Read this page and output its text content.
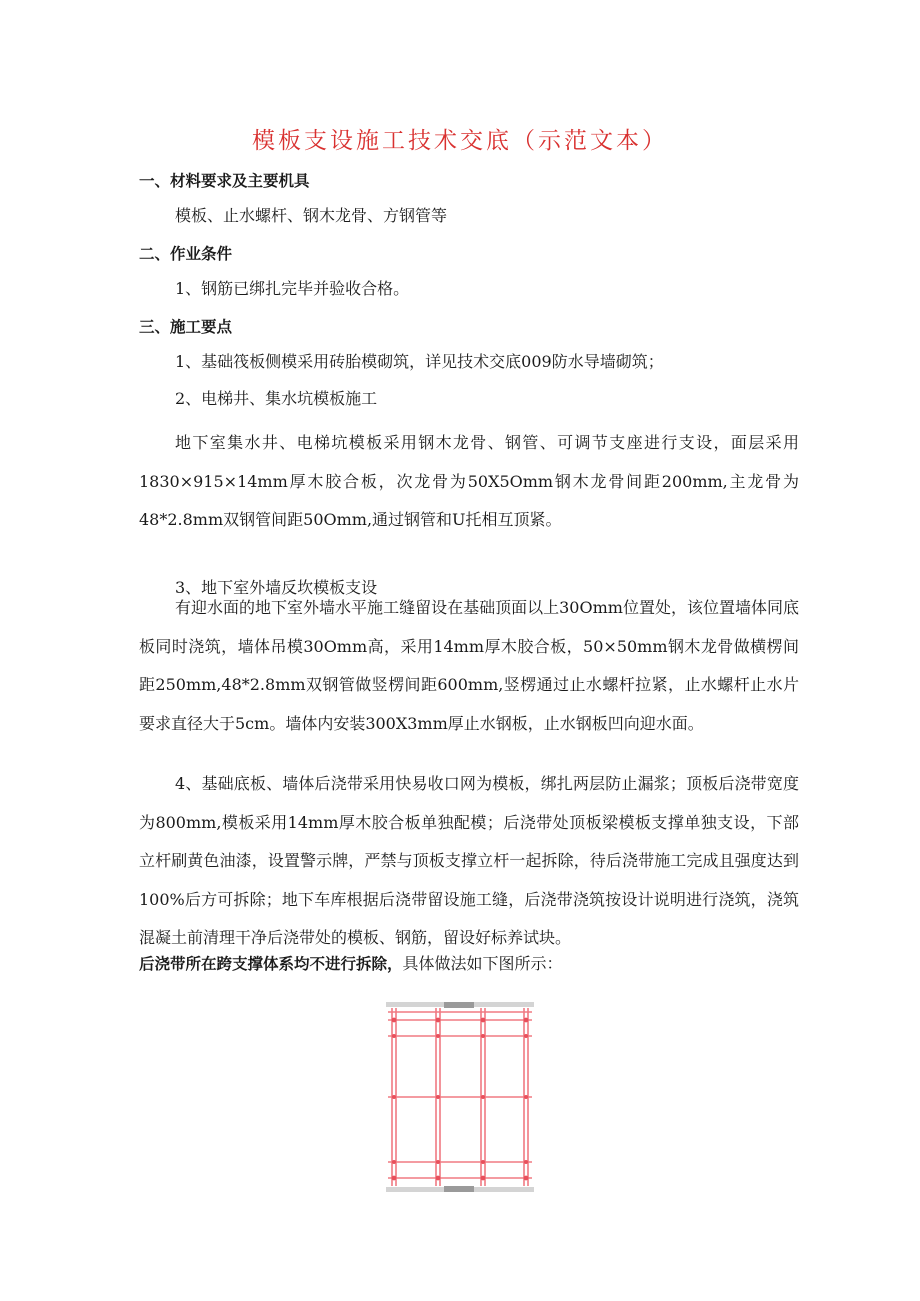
模板支设施工技术交底（示范文本）
一、材料要求及主要机具
模板、止水螺杆、钢木龙骨、方钢管等
二、作业条件
1、钢筋已绑扎完毕并验收合格。
三、施工要点
1、基础筏板侧模采用砖胎模砌筑，详见技术交底009防水导墙砌筑；
2、电梯井、集水坑模板施工
地下室集水井、电梯坑模板采用钢木龙骨、钢管、可调节支座进行支设，面层采用1830×915×14mm厚木胶合板，次龙骨为50X5Omm钢木龙骨间距200mm,主龙骨为48*2.8mm双钢管间距50Omm,通过钢管和U托相互顶紧。
3、地下室外墙反坎模板支设
有迎水面的地下室外墙水平施工缝留设在基础顶面以上30Omm位置处，该位置墙体同底板同时浇筑，墙体吊模30Omm高，采用14mm厚木胶合板，50×50mm钢木龙骨做横楞间距250mm,48*2.8mm双钢管做竖楞间距600mm,竖楞通过止水螺杆拉紧，止水螺杆止水片要求直径大于5cm。墙体内安装300X3mm厚止水钢板，止水钢板凹向迎水面。
4、基础底板、墙体后浇带采用快易收口网为模板，绑扎两层防止漏浆；顶板后浇带宽度为800mm,模板采用14mm厚木胶合板单独配模；后浇带处顶板梁模板支撑单独支设，下部立杆刷黄色油漆，设置警示牌，严禁与顶板支撑立杆一起拆除，待后浇带施工完成且强度达到100%后方可拆除；地下车库根据后浇带留设施工缝，后浇带浇筑按设计说明进行浇筑，浇筑混凝土前清理干净后浇带处的模板、钢筋，留设好标养试块。
后浇带所在跨支撑体系均不进行拆除，具体做法如下图所示：
